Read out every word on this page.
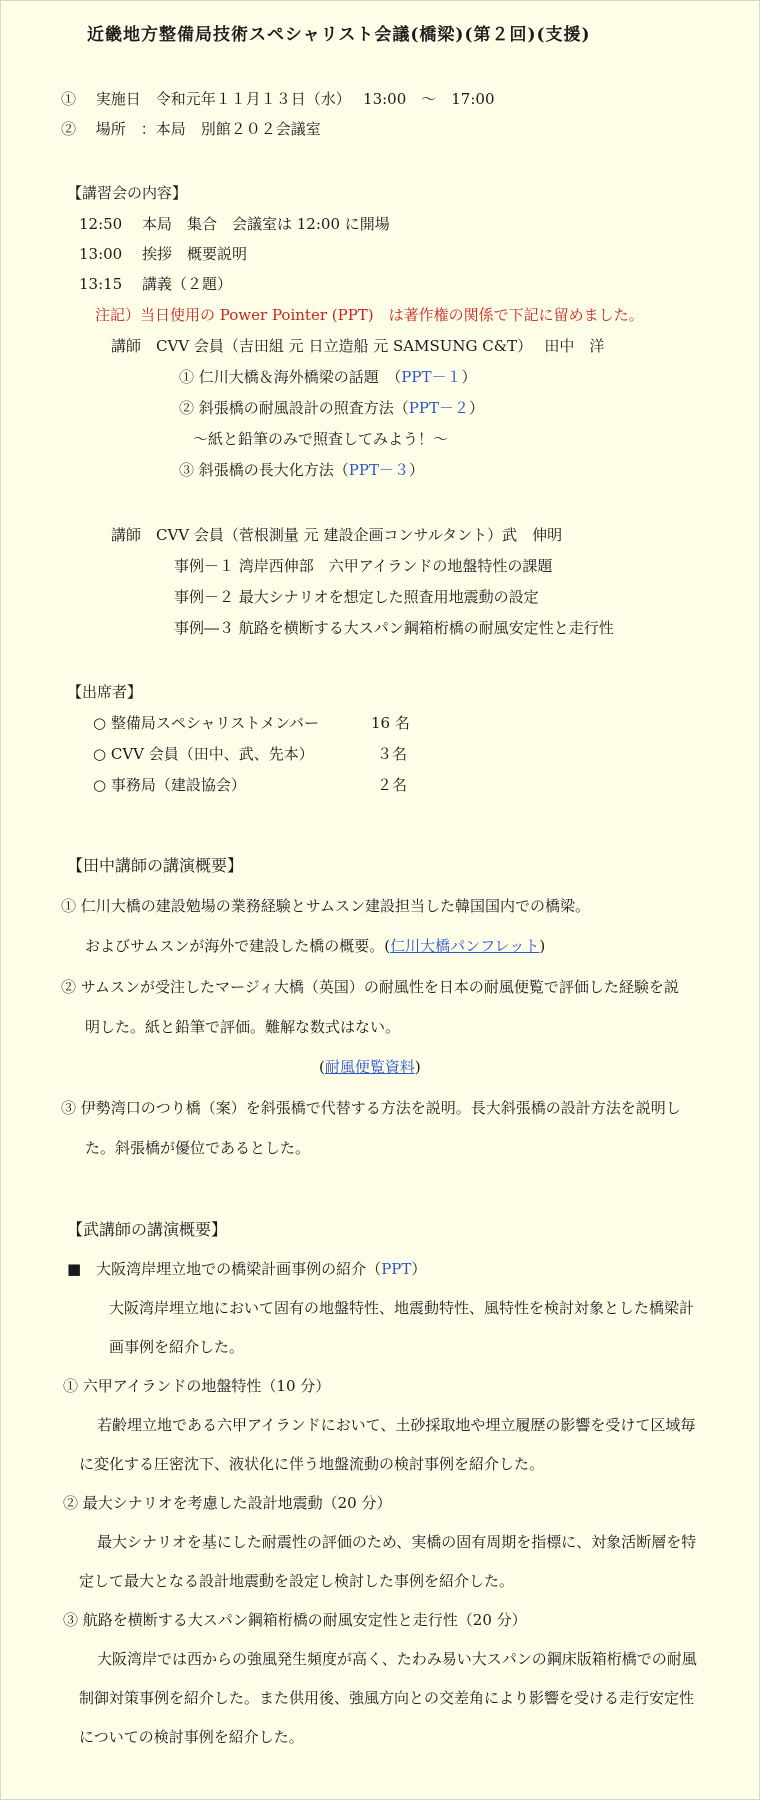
近畿地方整備局技術スペシャリスト会議(橋梁)(第２回)(支援)
①　 実施日　令和元年１１月１３日（水）　 13:00　～　17:00
②　 場所　：本局　別館２０２会議室
【講習会の内容】
12:50　 本局　集合　会議室は 12:00 に開場
13:00　 挨拶　概要説明
13:15　 講義（２題）
注記）当日使用の Power Pointer (PPT)　は著作権の関係で下記に留めました。
講師　CVV 会員（吉田組 元 日立造船 元 SAMSUNG C&T）　 田中　洋
① 仁川大橋＆海外橋梁の話題　（PPT－１）
② 斜張橋の耐風設計の照査方法（PPT－２）
～紙と鉛筆のみで照査してみよう！～
③ 斜張橋の長大化方法（PPT－３）
講師　CVV 会員（菅根測量 元 建設企画コンサルタント）武　伸明
事例－１ 湾岸西伸部　六甲アイランドの地盤特性の課題
事例－２ 最大シナリオを想定した照査用地震動の設定
事例―３ 航路を横断する大スパン鋼箱桁橋の耐風安定性と走行性
【出席者】
○ 整備局スペシャリストメンバー	16 名
○ CVV 会員（田中、武、先本）	３名
○ 事務局（建設協会）	２名
【田中講師の講演概要】
① 仁川大橋の建設勉場の業務経験とサムスン建設担当した韓国国内での橋梁。
およびサムスンが海外で建設した橋の概要。(仁川大橋パンフレット)
② サムスンが受注したマージィ大橋（英国）の耐風性を日本の耐風便覧で評価した経験を説
明した。紙と鉛筆で評価。難解な数式はない。
(耐風便覧資料)
③ 伊勢湾口のつり橋（案）を斜張橋で代替する方法を説明。長大斜張橋の設計方法を説明し
た。斜張橋が優位であるとした。
【武講師の講演概要】
■　大阪湾岸埋立地での橋梁計画事例の紹介（PPT）
大阪湾岸埋立地において固有の地盤特性、地震動特性、風特性を検討対象とした橋梁計
画事例を紹介した。
① 六甲アイランドの地盤特性（10 分）
若齢埋立地である六甲アイランドにおいて、土砂採取地や埋立履歴の影響を受けて区域毎
に変化する圧密沈下、液状化に伴う地盤流動の検討事例を紹介した。
② 最大シナリオを考慮した設計地震動（20 分）
最大シナリオを基にした耐震性の評価のため、実橋の固有周期を指標に、対象活断層を特
定して最大となる設計地震動を設定し検討した事例を紹介した。
③ 航路を横断する大スパン鋼箱桁橋の耐風安定性と走行性（20 分）
大阪湾岸では西からの強風発生頻度が高く、たわみ易い大スパンの鋼床版箱桁橋での耐風
制御対策事例を紹介した。また供用後、強風方向との交差角により影響を受ける走行安定性
についての検討事例を紹介した。
